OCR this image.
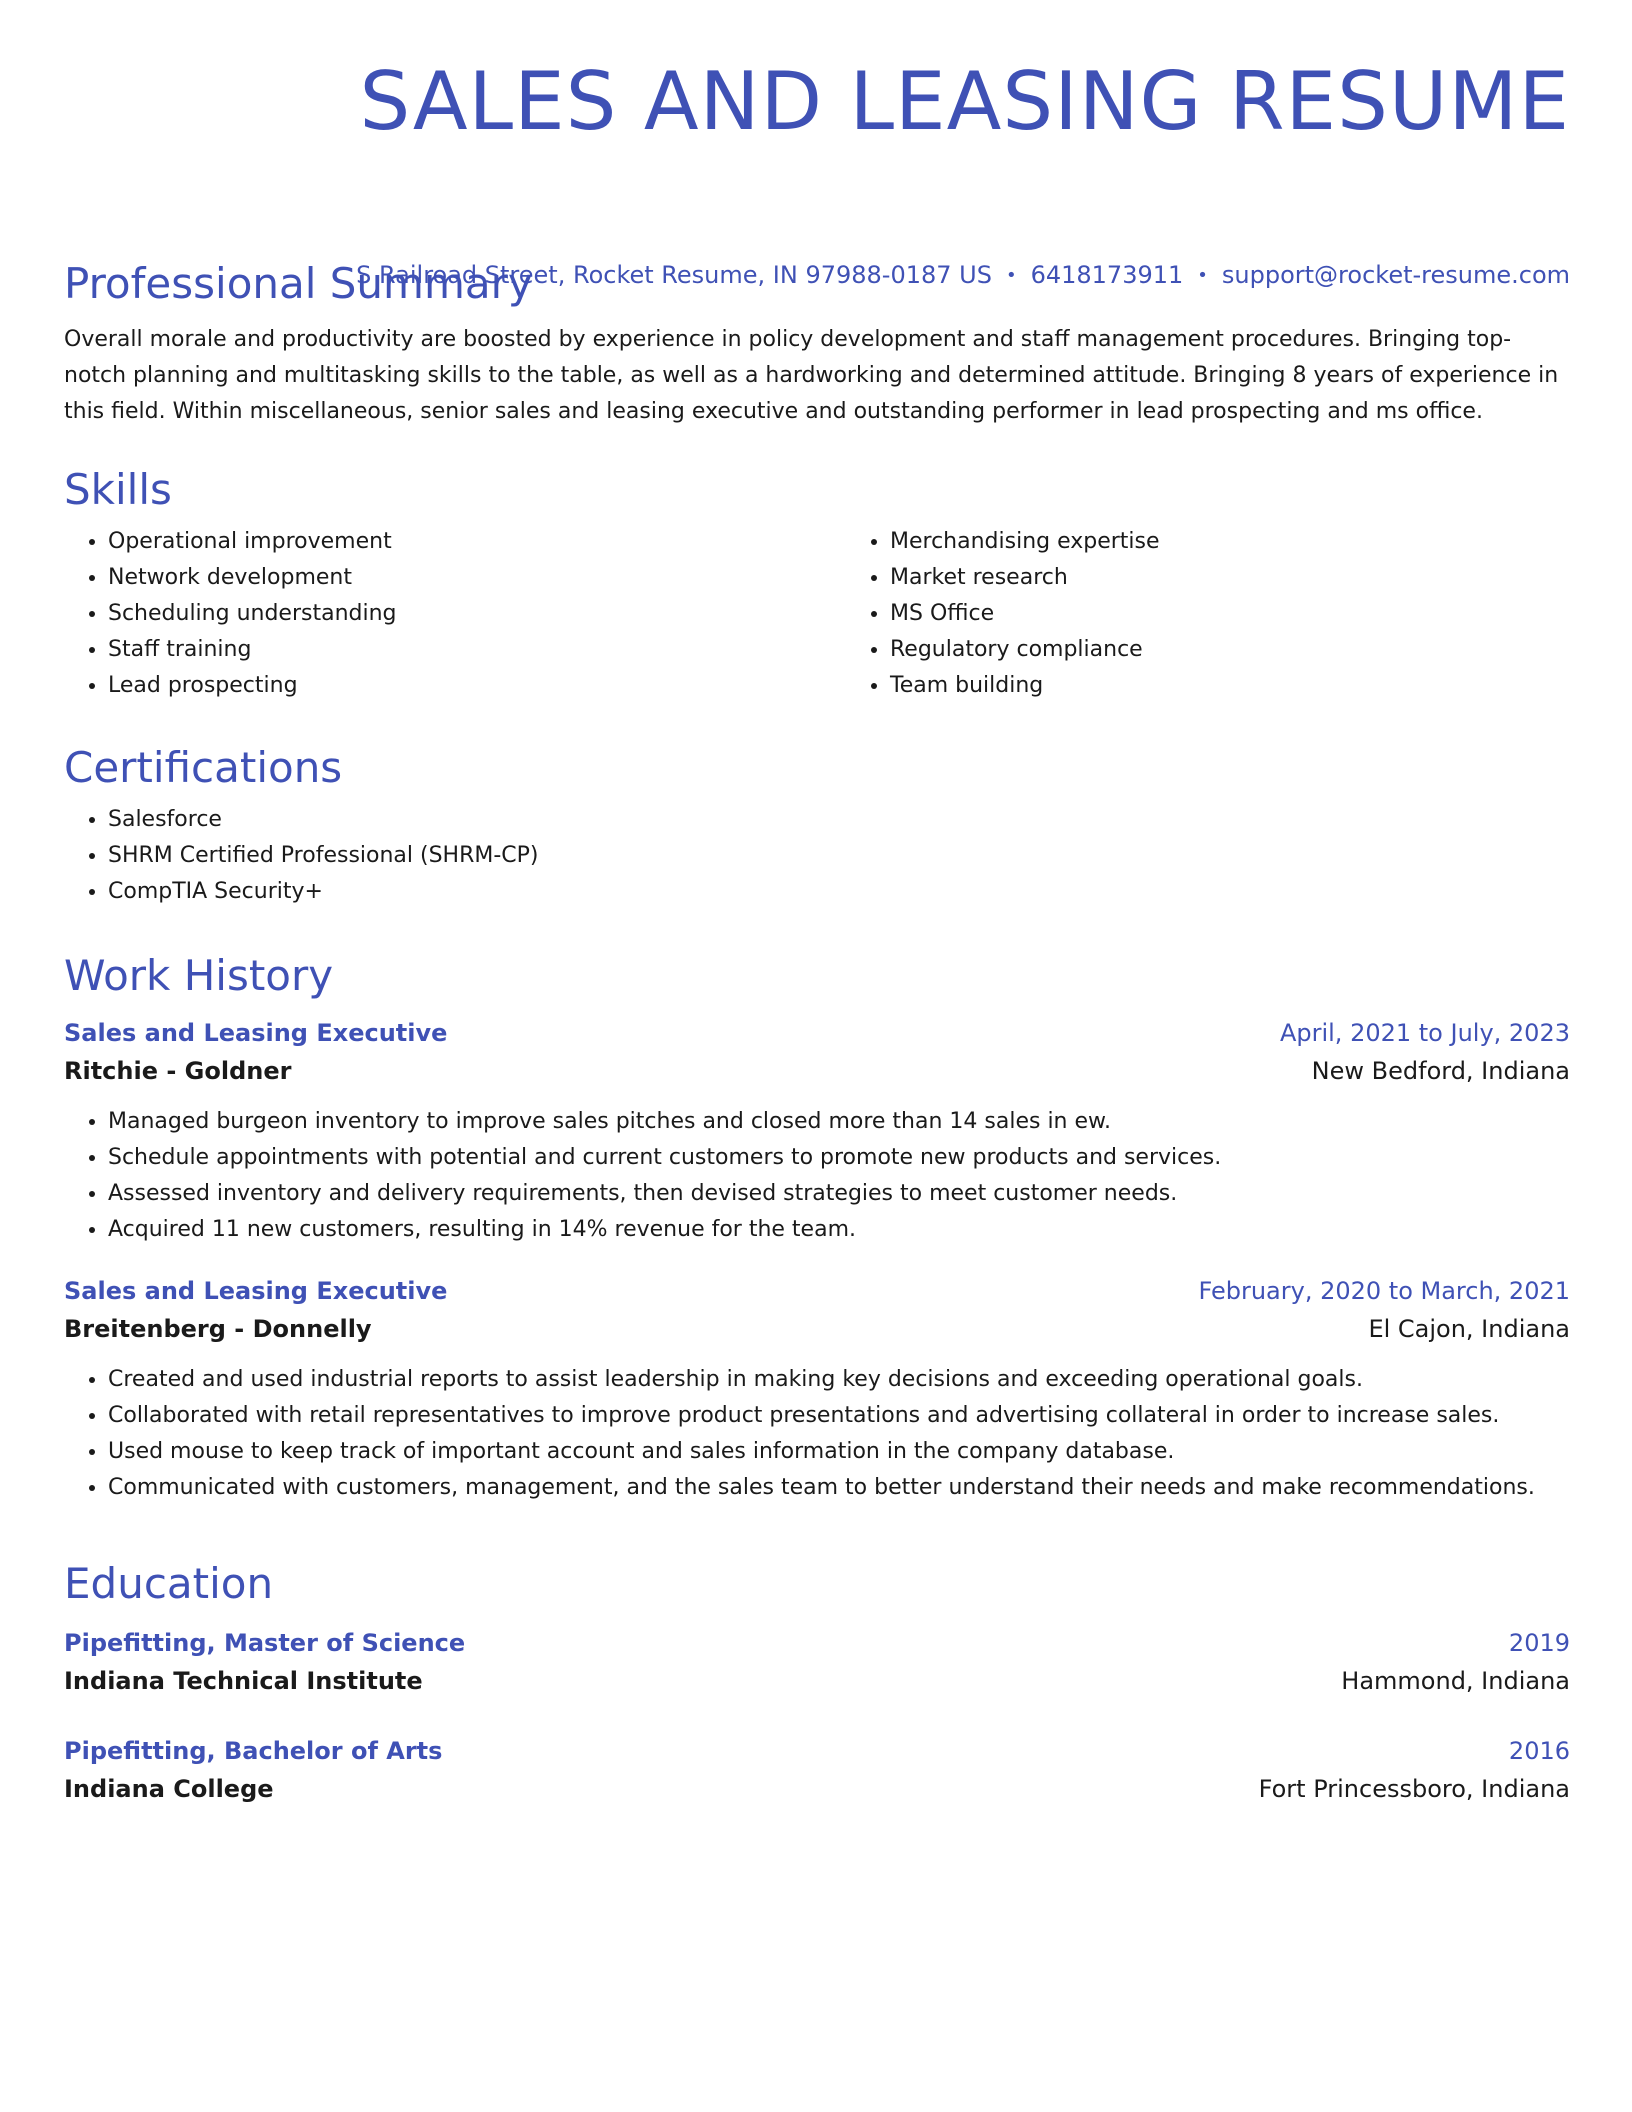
SALES AND LEASING RESUME
S Railroad Street, Rocket Resume, IN 97988-0187 US • 6418173911 • support@rocket-resume.com
Professional Summary

Overall morale and productivity are boosted by experience in policy development and staff management procedures. Bringing top-notch planning and multitasking skills to the table, as well as a hardworking and determined attitude. Bringing 8 years of experience in this field. Within miscellaneous, senior sales and leasing executive and outstanding performer in lead prospecting and ms office.

Skills
• Operational improvement
• Network development
• Scheduling understanding
• Staff training
• Lead prospecting
• Merchandising expertise
• Market research
• MS Office
• Regulatory compliance
• Team building
Certifications
• Salesforce
• SHRM Certified Professional (SHRM-CP)
• CompTIA Security+
Work History
Sales and Leasing Executive	April, 2021 to July, 2023
Ritchie - Goldner	New Bedford, Indiana
• Managed burgeon inventory to improve sales pitches and closed more than 14 sales in ew.
• Schedule appointments with potential and current customers to promote new products and services.
• Assessed inventory and delivery requirements, then devised strategies to meet customer needs.
• Acquired 11 new customers, resulting in 14% revenue for the team.
Sales and Leasing Executive	February, 2020 to March, 2021
Breitenberg - Donnelly	El Cajon, Indiana
• Created and used industrial reports to assist leadership in making key decisions and exceeding operational goals.
• Collaborated with retail representatives to improve product presentations and advertising collateral in order to increase sales.
• Used mouse to keep track of important account and sales information in the company database.
• Communicated with customers, management, and the sales team to better understand their needs and make recommendations.
Education
Pipefitting, Master of Science	2019
Indiana Technical Institute	Hammond, Indiana
Pipefitting, Bachelor of Arts	2016
Indiana College	Fort Princessboro, Indiana
